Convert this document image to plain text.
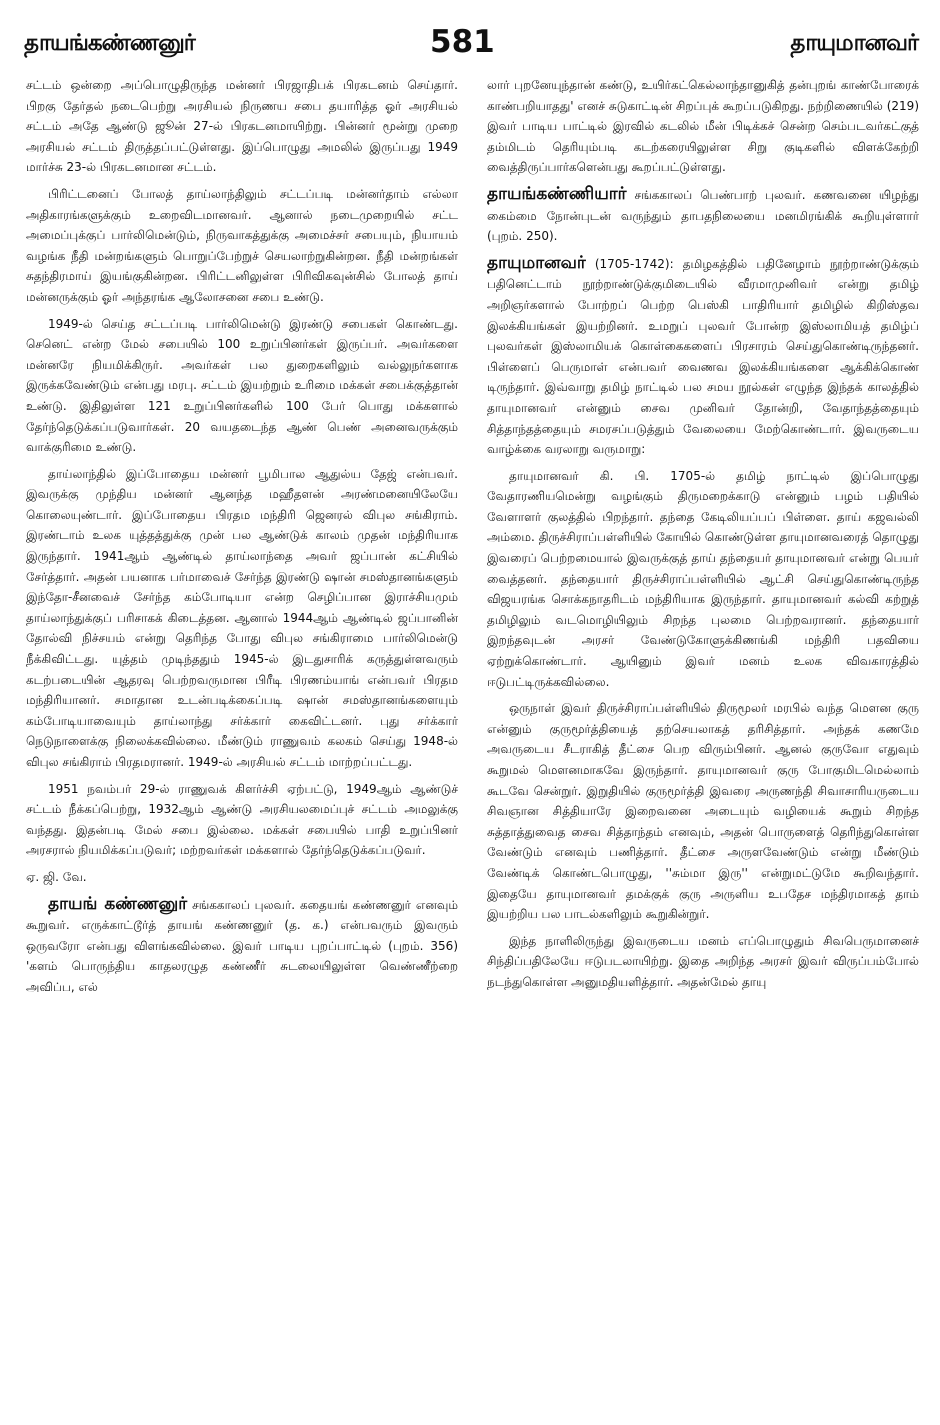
தாயங்கண்ணனுர்	581	தாயுமானவர்

சட்டம் ஒன்றை அப்பொழுதிருந்த மன்னர் பிரஜாதிபக் பிரகடனம் செய்தார். பிறகு தேர்தல் நடைபெற்று அரசியல் நிருணய சபை தயாரித்த ஓர் அரசியல் சட்டம் அதே ஆண்டு ஜூன் 27-ல் பிரகடனமாயிற்று. பின்னர் மூன்று முறை அரசியல் சட்டம் திருத்தப்பட்டுள்ளது. இப்பொழுது அமலில் இருப்பது 1949 மார்ச்சு 23-ல் பிரகடனமான சட்டம்.

பிரிட்டனைப் போலத் தாய்லாந்திலும் சட்டப்படி மன்னர்தாம் எல்லா அதிகாரங்களுக்கும் உறைவிடமானவர். ஆனால் நடைமுறையில் சட்ட அமைப்புக்குப் பார்லிமென்டும், நிருவாகத்துக்கு அமைச்சர் சபையும், நியாயம் வழங்க நீதி மன்றங்களும் பொறுப்பேற்றுச் செயலாற்றுகின்றன. நீதி மன்றங்கள் சுதந்திரமாய் இயங்குகின்றன. பிரிட்டனிலுள்ள பிரிவிகவுன்சில் போலத் தாய் மன்னருக்கும் ஓர் அந்தரங்க ஆலோசனை சபை உண்டு.

1949-ல் செய்த சட்டப்படி பார்லிமென்டு இரண்டு சபைகள் கொண்டது. செனெட் என்ற மேல் சபையில் 100 உறுப்பினர்கள் இருப்பர். அவர்களை மன்னரே நியமிக்கிருர். அவர்கள் பல துறைகளிலும் வல்லுநர்களாக இருக்கவேண்டும் என்பது மரபு. சட்டம் இயற்றும் உரிமை மக்கள் சபைக்குத்தான் உண்டு. இதிலுள்ள 121 உறுப்பினர்களில் 100 பேர் பொது மக்களால் தேர்ந்தெடுக்கப்படுவார்கள். 20 வயதடைந்த ஆண் பெண் அனைவருக்கும் வாக்குரிமை உண்டு.

தாய்லாந்தில் இப்போதைய மன்னர் பூமிபால ஆதுல்ய தேஜ் என்பவர். இவருக்கு முந்திய மன்னர் ஆனந்த மஹீதளன் அரண்மனையிலேயே கொலையுண்டார். இப்போதைய பிரதம மந்திரி ஜெனரல் விபுல சங்கிராம். இரண்டாம் உலக யுத்தத்துக்கு முன் பல ஆண்டுக் காலம் முதன் மந்திரியாக இருந்தார். 1941ஆம் ஆண்டில் தாய்லாந்தை அவர் ஜப்பான் கட்சியில் சேர்த்தார். அதன் பயனாக பர்மாவைச் சேர்ந்த இரண்டு ஷான் சமஸ்தானங்களும் இந்தோ-சீனவைச் சேர்ந்த கம்போடியா என்ற செழிப்பான இராச்சியமும் தாய்லாந்துக்குப் பரிசாகக் கிடைத்தன. ஆனால் 1944ஆம் ஆண்டில் ஜப்பானின் தோல்வி நிச்சயம் என்று தெரிந்த போது விபுல சங்கிராமை பார்லிமென்டு நீக்கிவிட்டது. யுத்தம் முடிந்ததும் 1945-ல் இடதுசாரிக் கருத்துள்ளவரும் கடற்படையின் ஆதரவு பெற்றவருமான பிரீடி பிரணம்யாங் என்பவர் பிரதம மந்திரியானர். சமாதான உடன்படிக்கைப்படி ஷான் சமஸ்தானங்களையும் கம்போடியாவையும் தாய்லாந்து சர்க்கார் கைவிட்டனர். புது சர்க்கார் நெடுநாளைக்கு நிலைக்கவில்லை. மீண்டும் ராணுவம் கலகம் செய்து 1948-ல் விபுல சங்கிராம் பிரதமரானர். 1949-ல் அரசியல் சட்டம் மாற்றப்பட்டது.

1951 நவம்பர் 29-ல் ராணுவக் கிளர்ச்சி ஏற்பட்டு, 1949ஆம் ஆண்டுச் சட்டம் நீக்கப்பெற்று, 1932ஆம் ஆண்டு அரசியலமைப்புச் சட்டம் அமலுக்கு வந்தது. இதன்படி மேல் சபை இல்லை. மக்கள் சபையில் பாதி உறுப்பினர் அரசரால் நியமிக்கப்படுவர்; மற்றவர்கள் மக்களால் தேர்ந்தெடுக்கப்படுவர்.

ஏ. ஜி. வே.

தாயங் கண்ணனுர் சங்ககாலப் புலவர். கதையங் கண்ணனுர் எனவும் கூறுவர். எருக்காட்டூர்த் தாயங் கண்ணனுர் (த. க.) என்பவரும் இவரும் ஒருவரோ என்பது விளங்கவில்லை. இவர் பாடிய புறப்பாட்டில் (புறம். 356) 'களம் பொருந்திய காதலரழுத கண்ணீர் சுடலையிலுள்ள வெண்ணீற்றை அவிப்ப, எல்

லார் புறனேயுந்தான் கண்டு, உயிர்கட்கெல்லாந்தானுகித் தன்புறங் காண்போரைக் காண்பறியாதது' எனச் சுடுகாட்டின் சிறப்புக் கூறப்படுகிறது. நற்றிணையில் (219) இவர் பாடிய பாட்டில் இரவில் கடலில் மீன் பிடிக்கச் சென்ற செம்படவர்கட்குத் தம்மிடம் தெரியும்படி கடற்கரையிலுள்ள சிறு குடிகளில் விளக்கேற்றி வைத்திருப்பார்களென்பது கூறப்பட்டுள்ளது.

தாயங்கண்ணியார் சங்ககாலப் பெண்பாற் புலவர். கணவனை யிழந்து கைம்மை நோன்புடன் வருந்தும் தாபதநிலையை மனமிரங்கிக் கூறியுள்ளார் (புறம். 250).

தாயுமானவர் (1705-1742): தமிழகத்தில் பதினேழாம் நூற்றாண்டுக்கும் பதினெட்டாம் நூற்றாண்டுக்குமிடையில் வீரமாமுனிவர் என்று தமிழ் அறிஞர்களால் போற்றப் பெற்ற பெஸ்கி பாதிரியார் தமிழில் கிறிஸ்தவ இலக்கியங்கள் இயற்றினர். உமறுப் புலவர் போன்ற இஸ்லாமியத் தமிழ்ப் புலவர்கள் இஸ்லாமியக் கொள்கைகளைப் பிரசாரம் செய்துகொண்டிருந்தனர். பிள்ளைப் பெருமாள் என்பவர் வைணவ இலக்கியங்களை ஆக்கிக்கொண் டிருந்தார். இவ்வாறு தமிழ் நாட்டில் பல சமய நூல்கள் எழுந்த இந்தக் காலத்தில் தாயுமானவர் என்னும் சைவ முனிவர் தோன்றி, வேதாந்தத்தையும் சித்தாந்தத்தையும் சமரசப்படுத்தும் வேலையை மேற்கொண்டார். இவருடைய வாழ்க்கை வரலாறு வருமாறு:

தாயுமானவர் கி. பி. 1705-ல் தமிழ் நாட்டில் இப்பொழுது வேதாரணியமென்று வழங்கும் திருமறைக்காடு என்னும் பழம் பதியில் வேளாளர் குலத்தில் பிறந்தார். தந்தை கேடிலியப்பப் பிள்ளை. தாய் கஜவல்லி அம்மை. திருச்சிராப்பள்ளியில் கோயில் கொண்டுள்ள தாயுமானவரைத் தொழுது இவரைப் பெற்றமையால் இவருக்குத் தாய் தந்தையர் தாயுமானவர் என்று பெயர் வைத்தனர். தந்தையார் திருச்சிராப்பள்ளியில் ஆட்சி செய்துகொண்டிருந்த விஜயரங்க சொக்கநாதரிடம் மந்திரியாக இருந்தார். தாயுமானவர் கல்வி கற்றுத் தமிழிலும் வடமொழியிலும் சிறந்த புலமை பெற்றவரானர். தந்தையார் இறந்தவுடன் அரசர் வேண்டுகோளுக்கிணங்கி மந்திரி பதவியை ஏற்றுக்கொண்டார். ஆயினும் இவர் மனம் உலக விவகாரத்தில் ஈடுபட்டிருக்கவில்லை.

ஒருநாள் இவர் திருச்சிராப்பள்ளியில் திருமூலர் மரபில் வந்த மௌன குரு என்னும் குருமூர்த்தியைத் தற்செயலாகத் தரிசித்தார். அந்தக் கணமே அவருடைய சீடராகித் தீட்சை பெற விரும்பினர். ஆனல் குருவோ எதுவும் கூறுமல் மௌனமாகவே இருந்தார். தாயுமானவர் குரு போகுமிடமெல்லாம் கூடவே சென்றுர். இறுதியில் குருமூர்த்தி இவரை அருணந்தி சிவாசாரியருடைய சிவஞான சித்தியாரே இறைவனை அடையும் வழியைக் கூறும் சிறந்த சுத்தாத்துவைத சைவ சித்தாந்தம் எனவும், அதன் பொருளைத் தெரிந்துகொள்ள வேண்டும் எனவும் பணித்தார். தீட்சை அருளவேண்டும் என்று மீண்டும் வேண்டிக் கொண்டபொழுது, ''சும்மா இரு'' என்றுமட்டுமே கூறிவந்தார். இதையே தாயுமானவர் தமக்குக் குரு அருளிய உபதேச மந்திரமாகத் தாம் இயற்றிய பல பாடல்களிலும் கூறுகின்றுர்.

இந்த நாளிலிருந்து இவருடைய மனம் எப்பொழுதும் சிவபெருமானைச் சிந்திப்பதிலேயே ஈடுபடலாயிற்று. இதை அறிந்த அரசர் இவர் விருப்பம்போல் நடந்துகொள்ள அனுமதியளித்தார். அதன்மேல் தாயு
